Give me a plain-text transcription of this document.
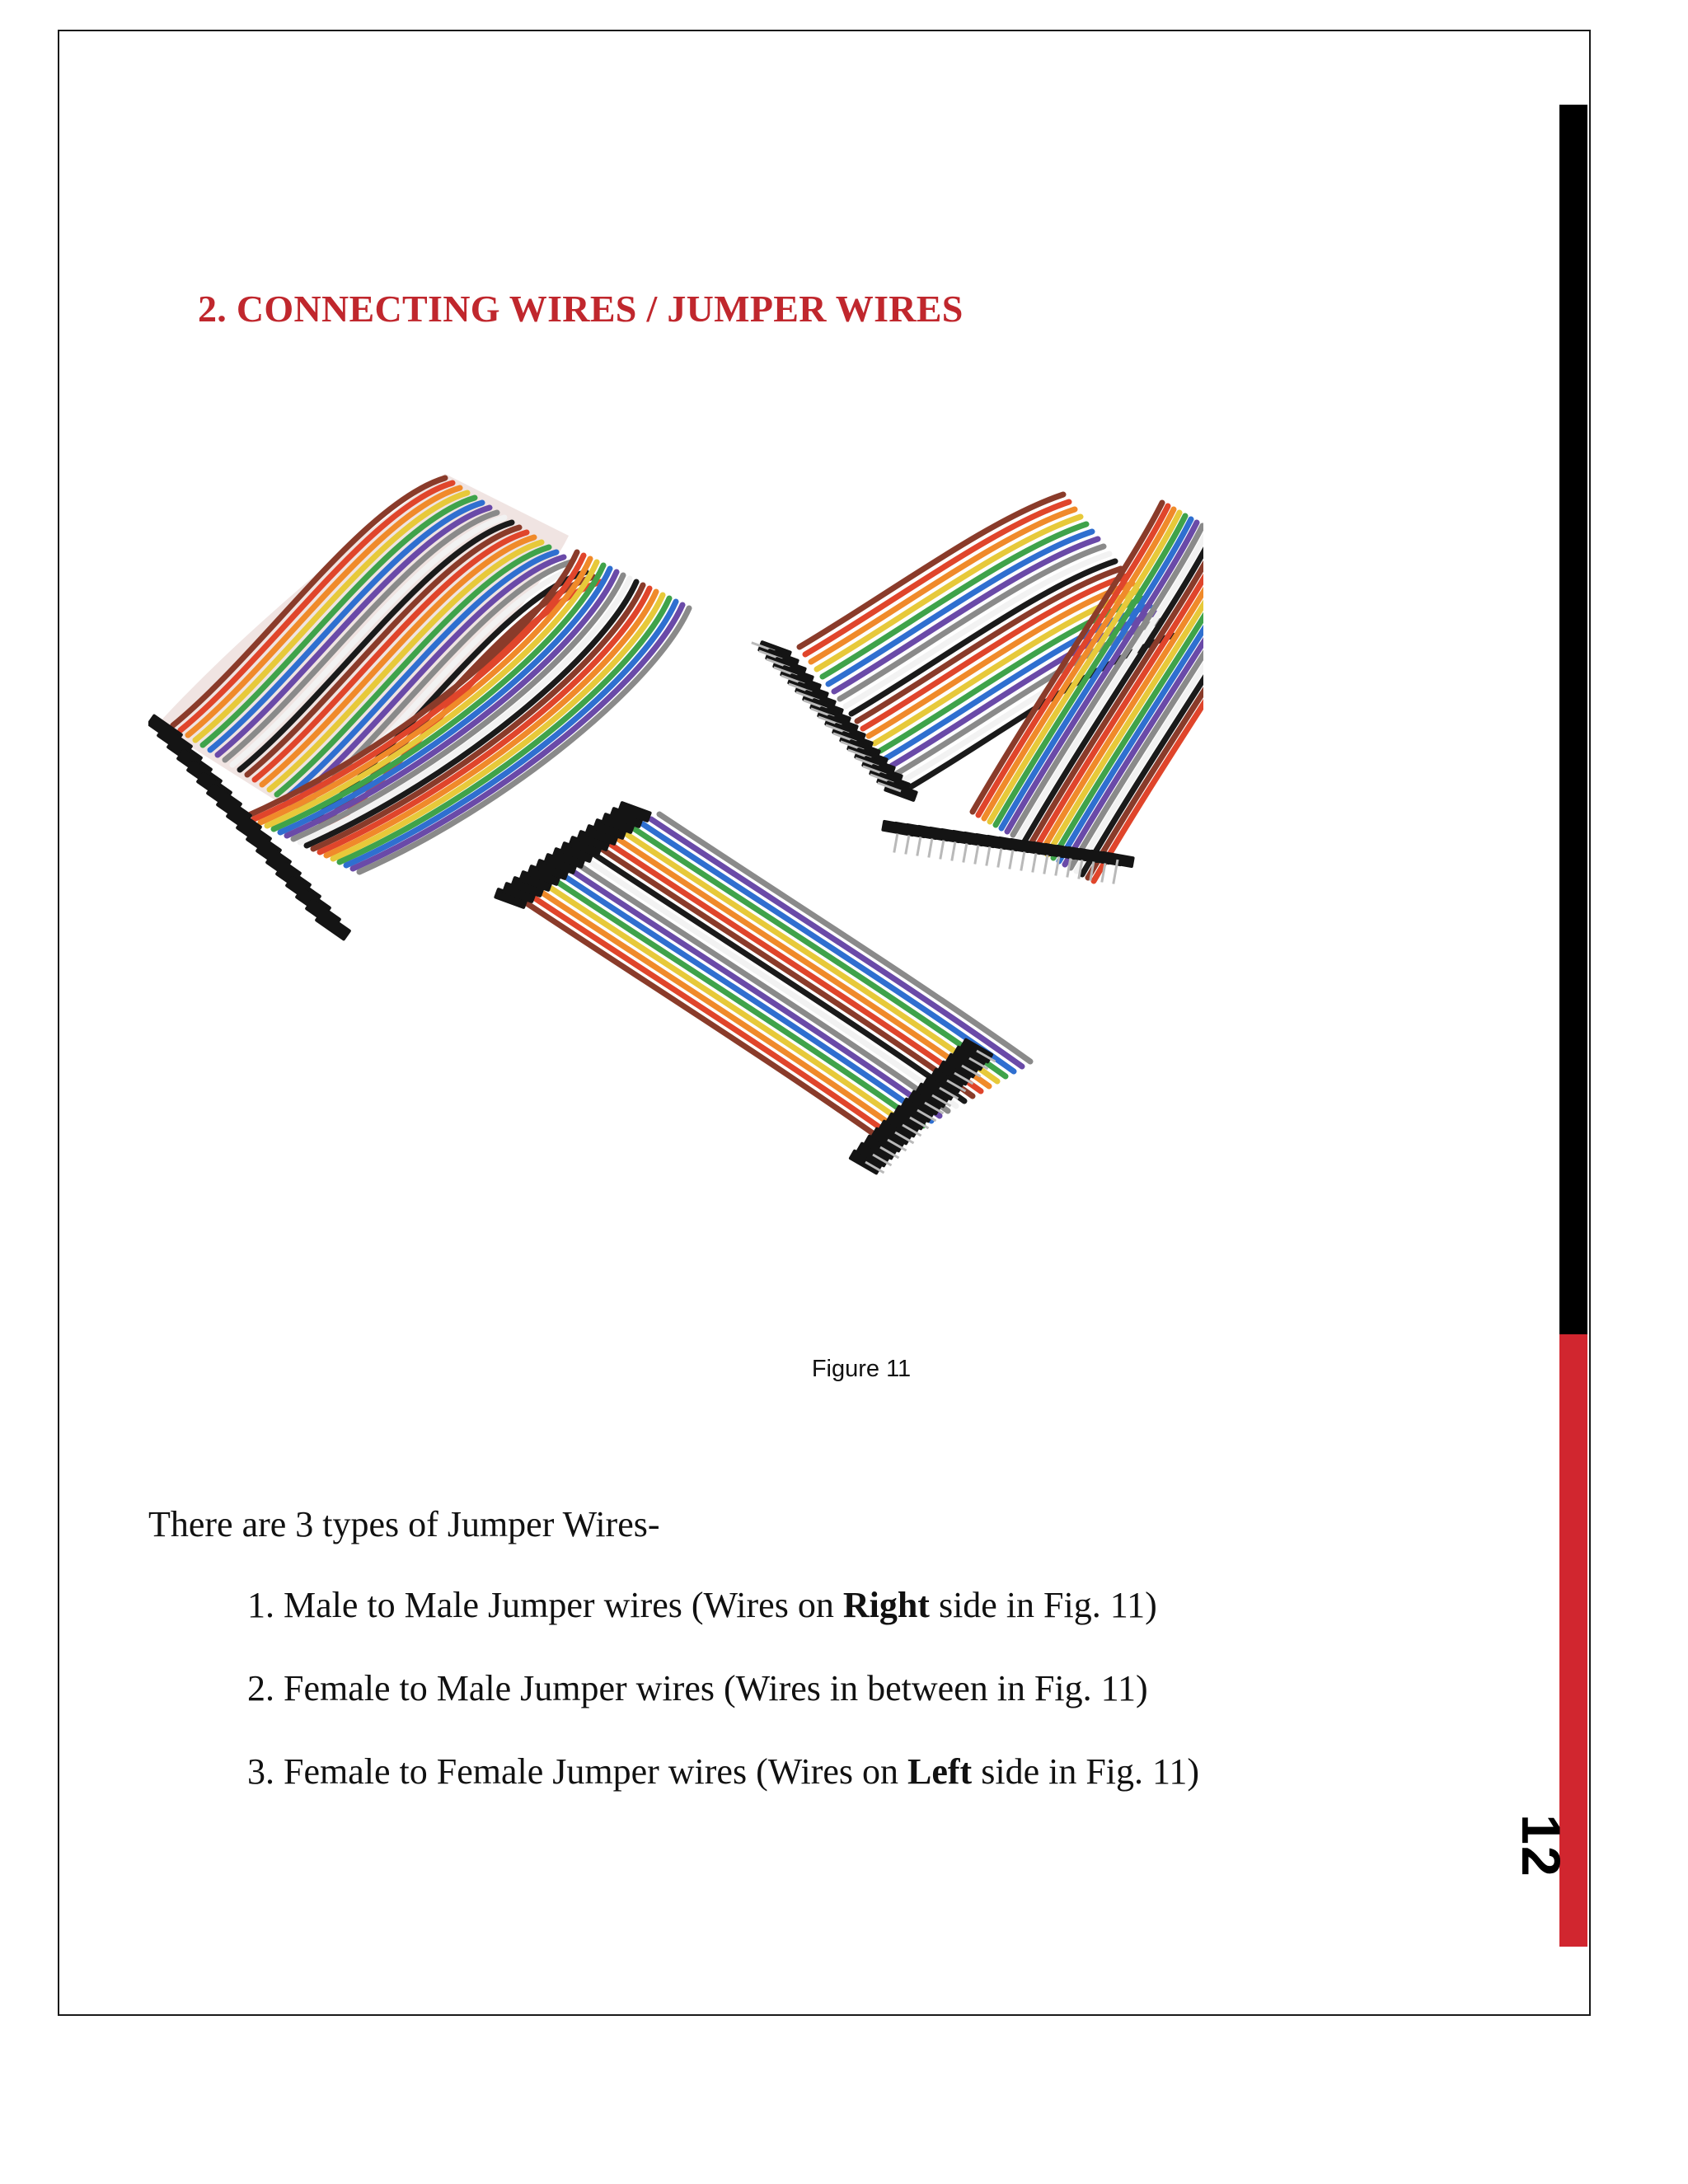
12
2. CONNECTING WIRES / JUMPER WIRES
Figure 11

There are 3 types of Jumper Wires-

1. Male to Male Jumper wires (Wires on Right side in Fig. 11)
2. Female to Male Jumper wires (Wires in between in Fig. 11)
3. Female to Female Jumper wires (Wires on Left side in Fig. 11)
